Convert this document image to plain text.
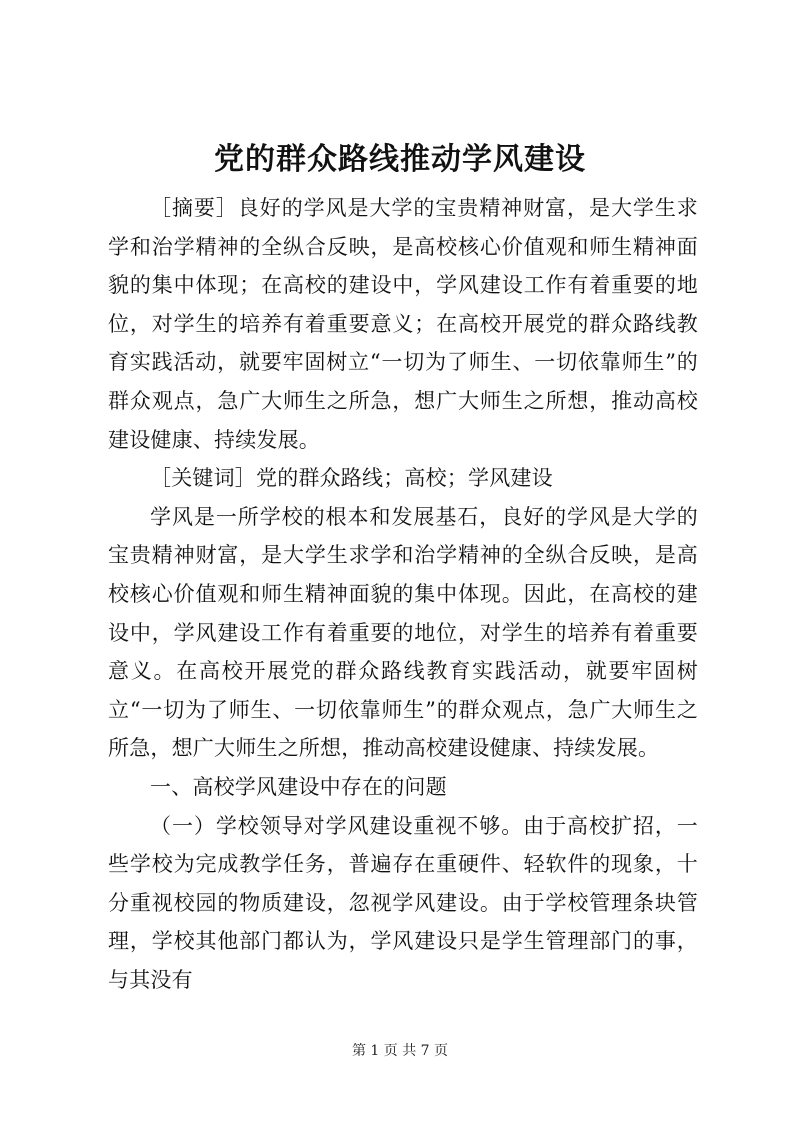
党的群众路线推动学风建设

［摘要］良好的学风是大学的宝贵精神财富，是大学生求学和治学精神的全纵合反映，是高校核心价值观和师生精神面貌的集中体现；在高校的建设中，学风建设工作有着重要的地位，对学生的培养有着重要意义；在高校开展党的群众路线教育实践活动，就要牢固树立“一切为了师生、一切依靠师生”的群众观点，急广大师生之所急，想广大师生之所想，推动高校建设健康、持续发展。

［关键词］党的群众路线；高校；学风建设

学风是一所学校的根本和发展基石，良好的学风是大学的宝贵精神财富，是大学生求学和治学精神的全纵合反映，是高校核心价值观和师生精神面貌的集中体现。因此，在高校的建设中，学风建设工作有着重要的地位，对学生的培养有着重要意义。在高校开展党的群众路线教育实践活动，就要牢固树立“一切为了师生、一切依靠师生”的群众观点，急广大师生之所急，想广大师生之所想，推动高校建设健康、持续发展。

一、高校学风建设中存在的问题

（一）学校领导对学风建设重视不够。由于高校扩招，一些学校为完成教学任务，普遍存在重硬件、轻软件的现象，十分重视校园的物质建设，忽视学风建设。由于学校管理条块管理，学校其他部门都认为，学风建设只是学生管理部门的事，与其没有

第 1 页 共 7 页
